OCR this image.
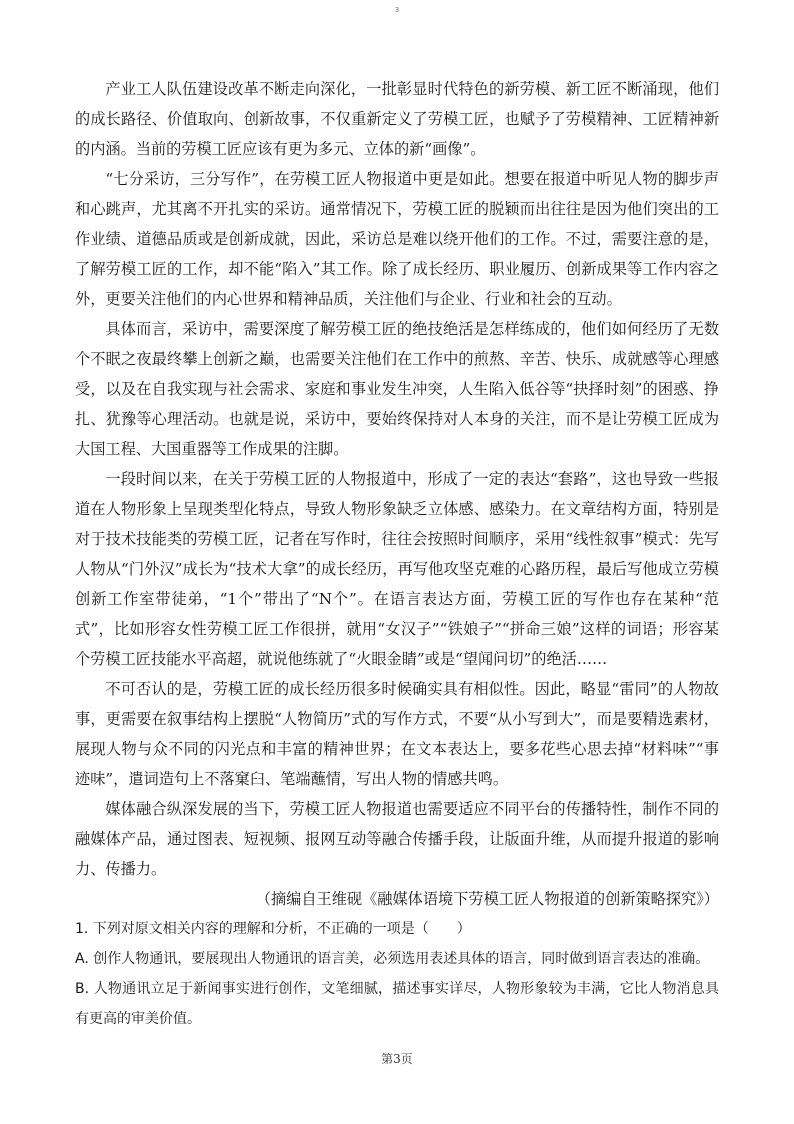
3

产业工人队伍建设改革不断走向深化，一批彰显时代特色的新劳模、新工匠不断涌现，他们的成长路径、价值取向、创新故事，不仅重新定义了劳模工匠，也赋予了劳模精神、工匠精神新的内涵。当前的劳模工匠应该有更为多元、立体的新“画像”。

“七分采访，三分写作”，在劳模工匠人物报道中更是如此。想要在报道中听见人物的脚步声和心跳声，尤其离不开扎实的采访。通常情况下，劳模工匠的脱颖而出往往是因为他们突出的工作业绩、道德品质或是创新成就，因此，采访总是难以绕开他们的工作。不过，需要注意的是，了解劳模工匠的工作，却不能“陷入”其工作。除了成长经历、职业履历、创新成果等工作内容之外，更要关注他们的内心世界和精神品质，关注他们与企业、行业和社会的互动。

具体而言，采访中，需要深度了解劳模工匠的绝技绝活是怎样练成的，他们如何经历了无数个不眠之夜最终攀上创新之巅，也需要关注他们在工作中的煎熬、辛苦、快乐、成就感等心理感受，以及在自我实现与社会需求、家庭和事业发生冲突，人生陷入低谷等“抉择时刻”的困惑、挣扎、犹豫等心理活动。也就是说，采访中，要始终保持对人本身的关注，而不是让劳模工匠成为大国工程、大国重器等工作成果的注脚。

一段时间以来，在关于劳模工匠的人物报道中，形成了一定的表达“套路”，这也导致一些报道在人物形象上呈现类型化特点，导致人物形象缺乏立体感、感染力。在文章结构方面，特别是对于技术技能类的劳模工匠，记者在写作时，往往会按照时间顺序，采用“线性叙事”模式：先写人物从“门外汉”成长为“技术大拿”的成长经历，再写他攻坚克难的心路历程，最后写他成立劳模创新工作室带徒弟，“1个”带出了“N个”。在语言表达方面，劳模工匠的写作也存在某种“范式”，比如形容女性劳模工匠工作很拼，就用“女汉子”“铁娘子”“拼命三娘”这样的词语；形容某个劳模工匠技能水平高超，就说他练就了“火眼金睛”或是“望闻问切”的绝活……

不可否认的是，劳模工匠的成长经历很多时候确实具有相似性。因此，略显“雷同”的人物故事，更需要在叙事结构上摆脱“人物简历”式的写作方式，不要“从小写到大”，而是要精选素材，展现人物与众不同的闪光点和丰富的精神世界；在文本表达上，要多花些心思去掉“材料味”“事迹味”，遣词造句上不落窠臼、笔端蘸情，写出人物的情感共鸣。

媒体融合纵深发展的当下，劳模工匠人物报道也需要适应不同平台的传播特性，制作不同的融媒体产品，通过图表、短视频、报网互动等融合传播手段，让版面升维，从而提升报道的影响力、传播力。

（摘编自王维砚《融媒体语境下劳模工匠人物报道的创新策略探究》）

1. 下列对原文相关内容的理解和分析，不正确的一项是（　　）

A. 创作人物通讯，要展现出人物通讯的语言美，必须选用表述具体的语言，同时做到语言表达的准确。

B. 人物通讯立足于新闻事实进行创作，文笔细腻，描述事实详尽，人物形象较为丰满，它比人物消息具有更高的审美价值。

第3页
